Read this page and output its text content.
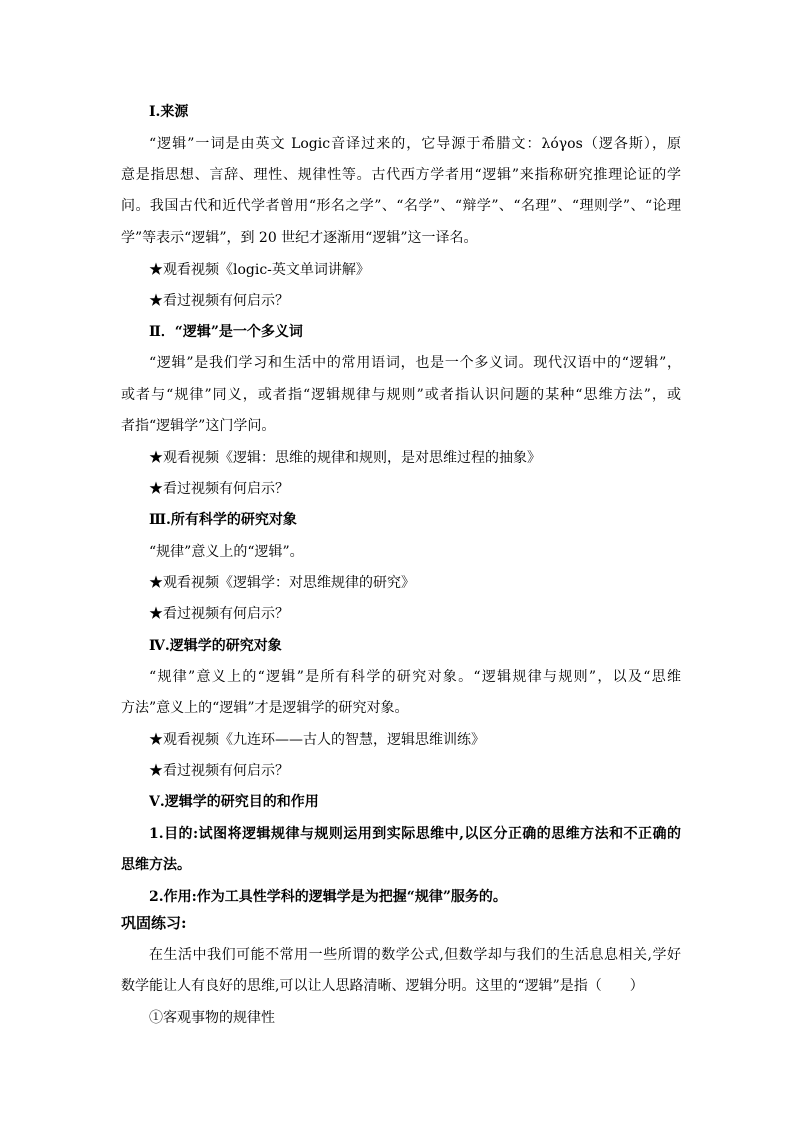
Ⅰ.来源
“逻辑”一词是由英文 Logic音译过来的，它导源于希腊文：λóγοs（逻各斯），原
意是指思想、言辞、理性、规律性等。古代西方学者用“逻辑”来指称研究推理论证的学
问。我国古代和近代学者曾用“形名之学”、“名学”、“辩学”、“名理”、“理则学”、“论理
学”等表示“逻辑”，到 20 世纪才逐渐用“逻辑”这一译名。
★观看视频《logic-英文单词讲解》
★看过视频有何启示？
Ⅱ．“逻辑”是一个多义词
“逻辑”是我们学习和生活中的常用语词，也是一个多义词。现代汉语中的“逻辑”，
或者与“规律”同义，或者指“逻辑规律与规则”或者指认识问题的某种“思维方法”，或
者指“逻辑学”这门学问。
★观看视频《逻辑：思维的规律和规则，是对思维过程的抽象》
★看过视频有何启示？
Ⅲ.所有科学的研究对象
“规律”意义上的“逻辑”。
★观看视频《逻辑学：对思维规律的研究》
★看过视频有何启示？
Ⅳ.逻辑学的研究对象
“规律”意义上的“逻辑”是所有科学的研究对象。“逻辑规律与规则”，以及“思维
方法”意义上的“逻辑”才是逻辑学的研究对象。
★观看视频《九连环——古人的智慧，逻辑思维训练》
★看过视频有何启示？
Ⅴ.逻辑学的研究目的和作用
1.目的:试图将逻辑规律与规则运用到实际思维中,以区分正确的思维方法和不正确的
思维方法。
2.作用:作为工具性学科的逻辑学是为把握“规律”服务的。
巩固练习:
在生活中我们可能不常用一些所谓的数学公式,但数学却与我们的生活息息相关,学好
数学能让人有良好的思维,可以让人思路清晰、逻辑分明。这里的“逻辑”是指（　　）
①客观事物的规律性
